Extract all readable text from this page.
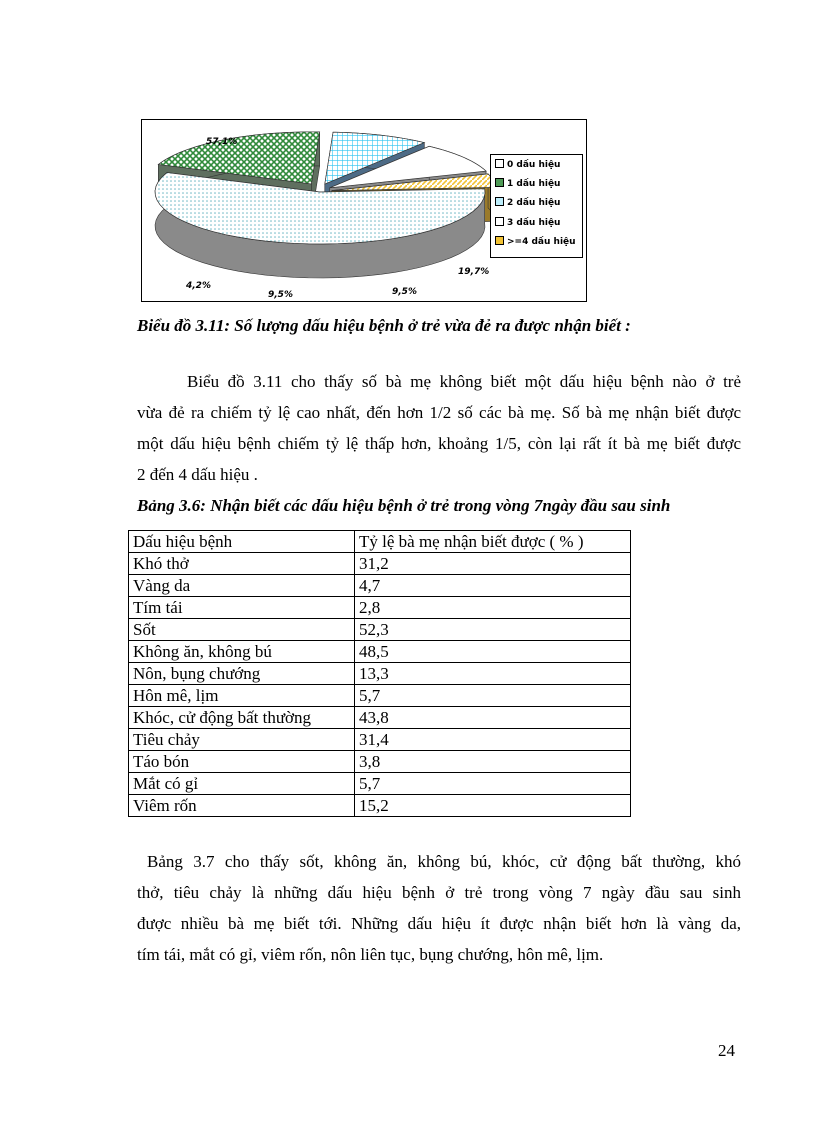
57,1%
19,7%
9,5%
9,5%
4,2%
0 dấu hiệu
1 dấu hiệu
2 dấu hiệu
3 dấu hiệu
>=4 dấu hiệu
Biểu đồ 3.11: Số lượng dấu hiệu bệnh ở trẻ vừa đẻ ra được nhận biết :
Biểu đồ 3.11 cho thấy số bà mẹ không biết một dấu hiệu bệnh nào ở trẻ
vừa đẻ ra chiếm tỷ lệ cao nhất, đến hơn 1/2 số các bà mẹ. Số bà mẹ nhận biết được
một dấu hiệu bệnh chiếm tỷ lệ thấp hơn, khoảng 1/5, còn lại rất ít bà mẹ biết được
2 đến 4 dấu hiệu .
Bảng 3.6: Nhận biết các dấu hiệu bệnh ở trẻ trong vòng 7ngày đầu sau sinh
Dấu hiệu bệnh	Tỷ lệ bà mẹ nhận biết được ( % )
Khó thở	31,2
Vàng da	4,7
Tím tái	2,8
Sốt	52,3
Không ăn, không bú	48,5
Nôn, bụng chướng	13,3
Hôn mê, lịm	5,7
Khóc, cử động bất thường	43,8
Tiêu chảy	31,4
Táo bón	3,8
Mắt có gỉ	5,7
Viêm rốn	15,2
Bảng 3.7 cho thấy sốt, không ăn, không bú, khóc, cử động bất thường, khó
thở, tiêu chảy là những dấu hiệu bệnh ở trẻ trong vòng 7 ngày đầu sau sinh
được nhiều bà mẹ biết tới. Những dấu hiệu ít được nhận biết hơn là vàng da,
tím tái, mắt có gỉ, viêm rốn, nôn liên tục, bụng chướng, hôn mê, lịm.
24
